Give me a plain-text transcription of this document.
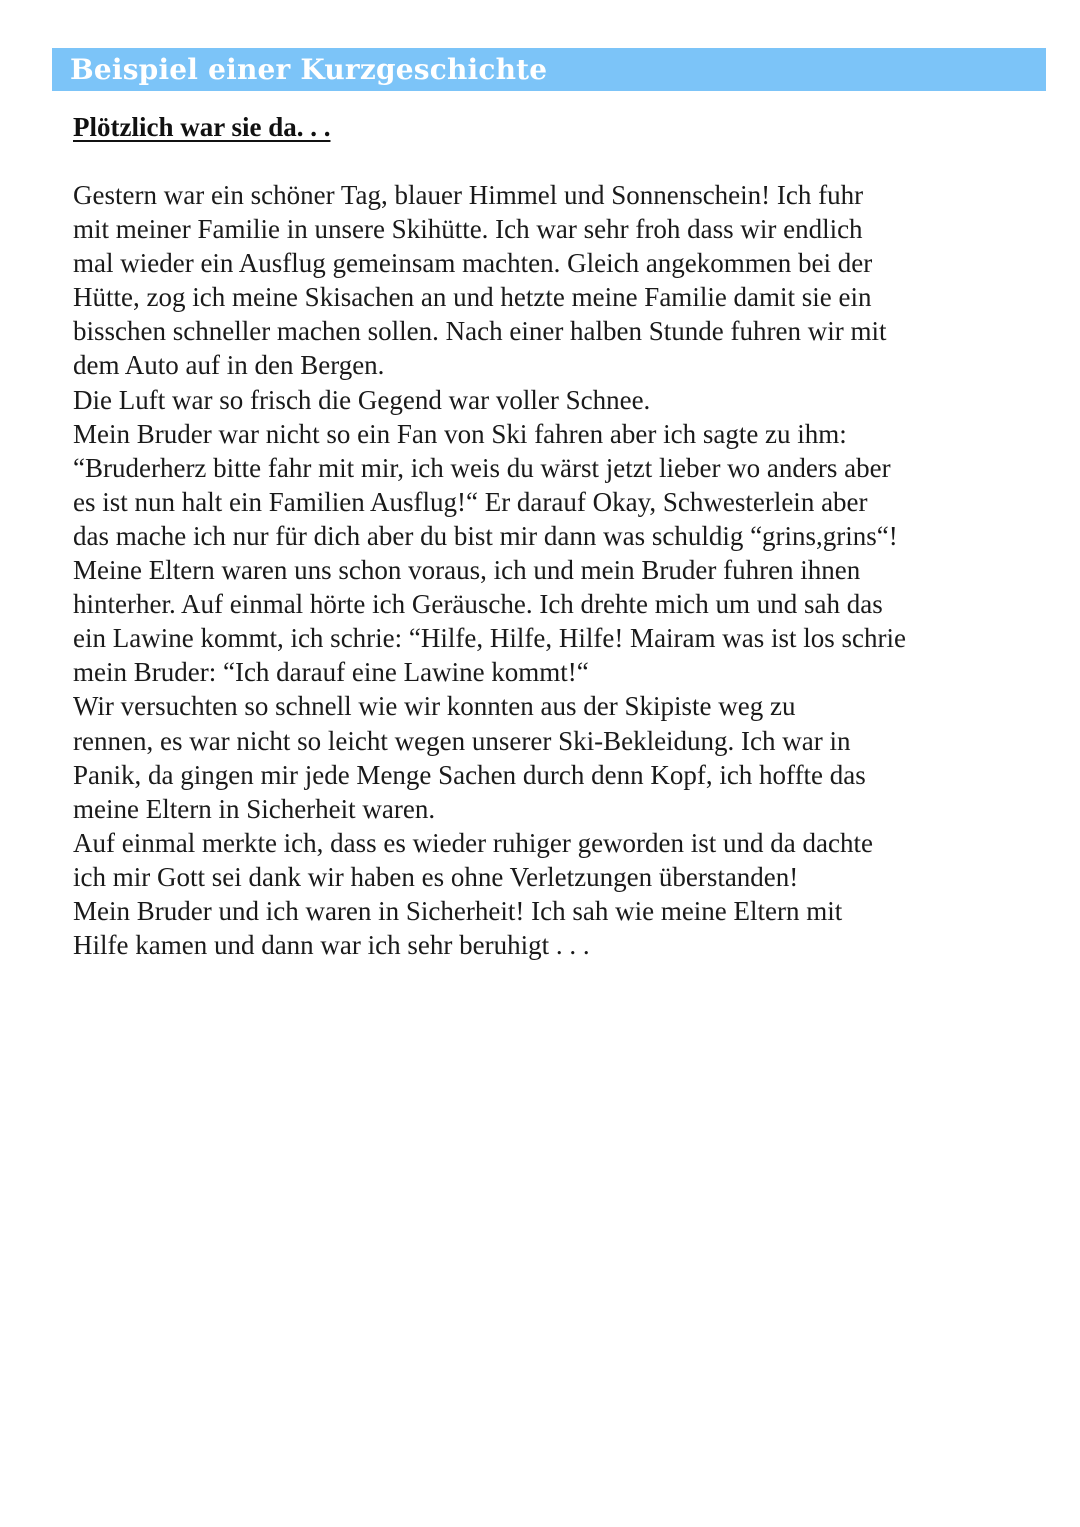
Beispiel einer Kurzgeschichte
Plötzlich war sie da. . .
Gestern war ein schöner Tag, blauer Himmel und Sonnenschein! Ich fuhr
mit meiner Familie in unsere Skihütte. Ich war sehr froh dass wir endlich
mal wieder ein Ausflug gemeinsam machten. Gleich angekommen bei der
Hütte, zog ich meine Skisachen an und hetzte meine Familie damit sie ein
bisschen schneller machen sollen. Nach einer halben Stunde fuhren wir mit
dem Auto auf in den Bergen.
Die Luft war so frisch die Gegend war voller Schnee.
Mein Bruder war nicht so ein Fan von Ski fahren aber ich sagte zu ihm:
“Bruderherz bitte fahr mit mir, ich weis du wärst jetzt lieber wo anders aber
es ist nun halt ein Familien Ausflug!“ Er darauf Okay, Schwesterlein aber
das mache ich nur für dich aber du bist mir dann was schuldig “grins,grins“!
Meine Eltern waren uns schon voraus, ich und mein Bruder fuhren ihnen
hinterher. Auf einmal hörte ich Geräusche. Ich drehte mich um und sah das
ein Lawine kommt, ich schrie: “Hilfe, Hilfe, Hilfe! Mairam was ist los schrie
mein Bruder: “Ich darauf eine Lawine kommt!“
Wir versuchten so schnell wie wir konnten aus der Skipiste weg zu
rennen, es war nicht so leicht wegen unserer Ski-Bekleidung. Ich war in
Panik, da gingen mir jede Menge Sachen durch denn Kopf, ich hoffte das
meine Eltern in Sicherheit waren.
Auf einmal merkte ich, dass es wieder ruhiger geworden ist und da dachte
ich mir Gott sei dank wir haben es ohne Verletzungen überstanden!
Mein Bruder und ich waren in Sicherheit! Ich sah wie meine Eltern mit
Hilfe kamen und dann war ich sehr beruhigt . . .
